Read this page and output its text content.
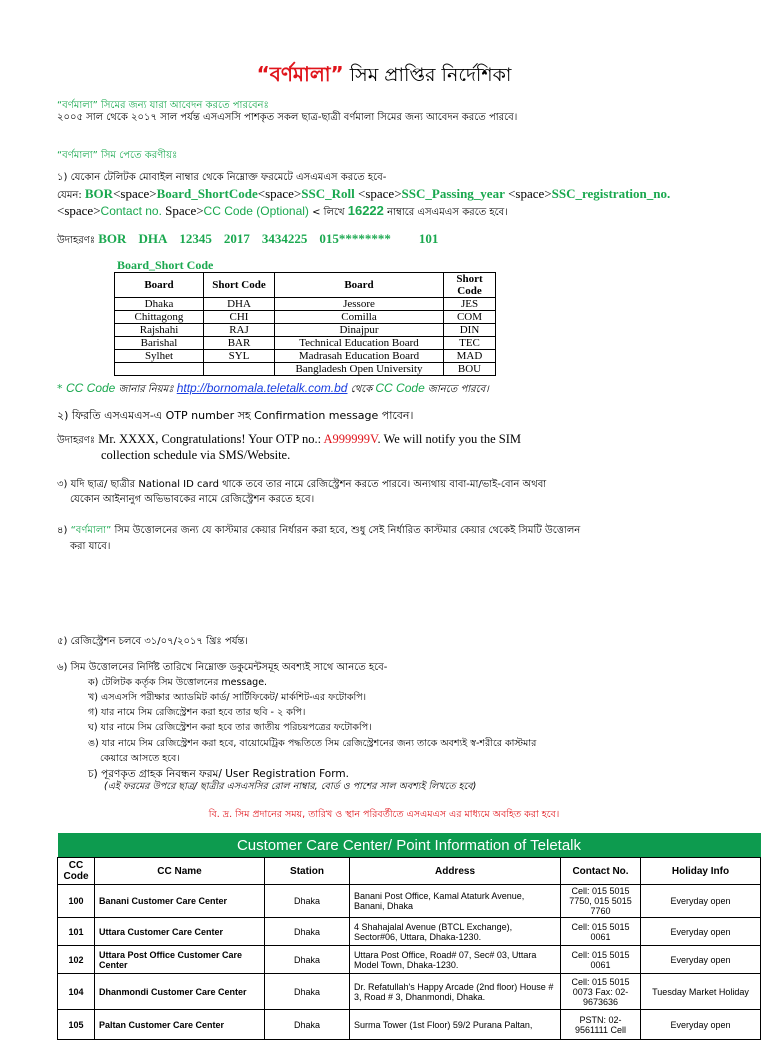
“বর্ণমালা” সিম প্রাপ্তির নির্দেশিকা
“বর্ণমালা” সিমের জন্য যারা আবেদন করতে পারবেনঃ
২০০৫ সাল থেকে ২০১৭ সাল পর্যন্ত এসএসসি পাশকৃত সকল ছাত্র-ছাত্রী বর্ণমালা সিমের জন্য আবেদন করতে পারবে।
“বর্ণমালা” সিম পেতে করণীয়ঃ
১) যেকোন টেলিটক মোবাইল নাম্বার থেকে নিম্নোক্ত ফরমেটে এসএমএস করতে হবে-
যেমন: BOR<space>Board_ShortCode<space>SSC_Roll <space>SSC_Passing_year <space>SSC_registration_no.
<space>Contact no. Space>CC Code (Optional) < লিখে 16222 নাম্বারে এসএমএস করতে হবে।
উদাহরণঃ BOR DHA 12345 2017 3434225 015******** 101
Board_Short Code
Board	Short Code	Board	Short Code
Dhaka	DHA	Jessore	JES
Chittagong	CHI	Comilla	COM
Rajshahi	RAJ	Dinajpur	DIN
Barishal	BAR	Technical Education Board	TEC
Sylhet	SYL	Madrasah Education Board	MAD
		Bangladesh Open University	BOU
* CC Code জানার নিয়মঃ http://bornomala.teletalk.com.bd থেকে CC Code জানতে পারবে।
২) ফিরতি এসএমএস-এ OTP number সহ Confirmation message পাবেন।
উদাহরণঃ Mr. XXXX, Congratulations! Your OTP no.: A999999V. We will notify you the SIM
collection schedule via SMS/Website.
৩) যদি ছাত্র/ ছাত্রীর National ID card থাকে তবে তার নামে রেজিস্ট্রেশন করতে পারবে। অন্যথায় বাবা-মা/ভাই-বোন অথবা
যেকোন আইনানুগ অভিভাবকের নামে রেজিস্ট্রেশন করতে হবে।
৪) “বর্ণমালা” সিম উত্তোলনের জন্য যে কাস্টমার কেয়ার নির্ধারন করা হবে, শুধু সেই নির্ধারিত কাস্টমার কেয়ার থেকেই সিমটি উত্তোলন
করা যাবে।
৫) রেজিস্ট্রেশন চলবে ৩১/০৭/২০১৭ খ্রিঃ পর্যন্ত।
৬) সিম উত্তোলনের নির্দিষ্ট তারিখে নিম্নোক্ত ডকুমেন্টসমূহ অবশ্যই সাথে আনতে হবে-
ক) টেলিটক কর্তৃক সিম উত্তোলনের message.
খ) এসএসসি পরীক্ষার অ্যাডমিট কার্ড/ সার্টিফিকেট/ মার্কশিট-এর ফটোকপি।
গ) যার নামে সিম রেজিস্ট্রেশন করা হবে তার ছবি - ২ কপি।
ঘ) যার নামে সিম রেজিস্ট্রেশন করা হবে তার জাতীয় পরিচয়পত্রের ফটোকপি।
ঙ) যার নামে সিম রেজিস্ট্রেশন করা হবে, বায়োমেট্রিক পদ্ধতিতে সিম রেজিস্ট্রেশনের জন্য তাকে অবশ্যই স্ব-শরীরে কাস্টমার
কেয়ারে আসতে হবে।
চ) পূরণকৃত গ্রাহক নিবন্ধন ফরম/ User Registration Form.
(এই ফরমের উপরে ছাত্র/ ছাত্রীর এসএসসির রোল নাম্বার, বোর্ড ও পাশের সাল অবশ্যই লিখতে হবে)
বি. দ্র. সিম প্রদানের সময়, তারিখ ও স্থান পরিবর্তীতে এসএমএস এর মাধ্যমে অবহিত করা হবে।
Customer Care Center/ Point Information of Teletalk					
CC Code	CC Name	Station	Address	Contact No.	Holiday Info
100	Banani Customer Care Center	Dhaka	Banani Post Office, Kamal Ataturk Avenue, Banani, Dhaka	Cell: 015 5015 7750, 015 5015 7760	Everyday open
101	Uttara Customer Care Center	Dhaka	4 Shahajalal Avenue (BTCL Exchange), Sector#06, Uttara, Dhaka-1230.	Cell: 015 5015 0061	Everyday open
102	Uttara Post Office Customer Care Center	Dhaka	Uttara Post Office, Road# 07, Sec# 03, Uttara Model Town, Dhaka-1230.	Cell: 015 5015 0061	Everyday open
104	Dhanmondi Customer Care Center	Dhaka	Dr. Refatullah's Happy Arcade (2nd floor) House # 3, Road # 3, Dhanmondi, Dhaka.	Cell: 015 5015 0073 Fax: 02-9673636	Tuesday Market Holiday
105	Paltan Customer Care Center	Dhaka	Surma Tower (1st Floor) 59/2 Purana Paltan,	PSTN: 02-9561111 Cell	Everyday open
